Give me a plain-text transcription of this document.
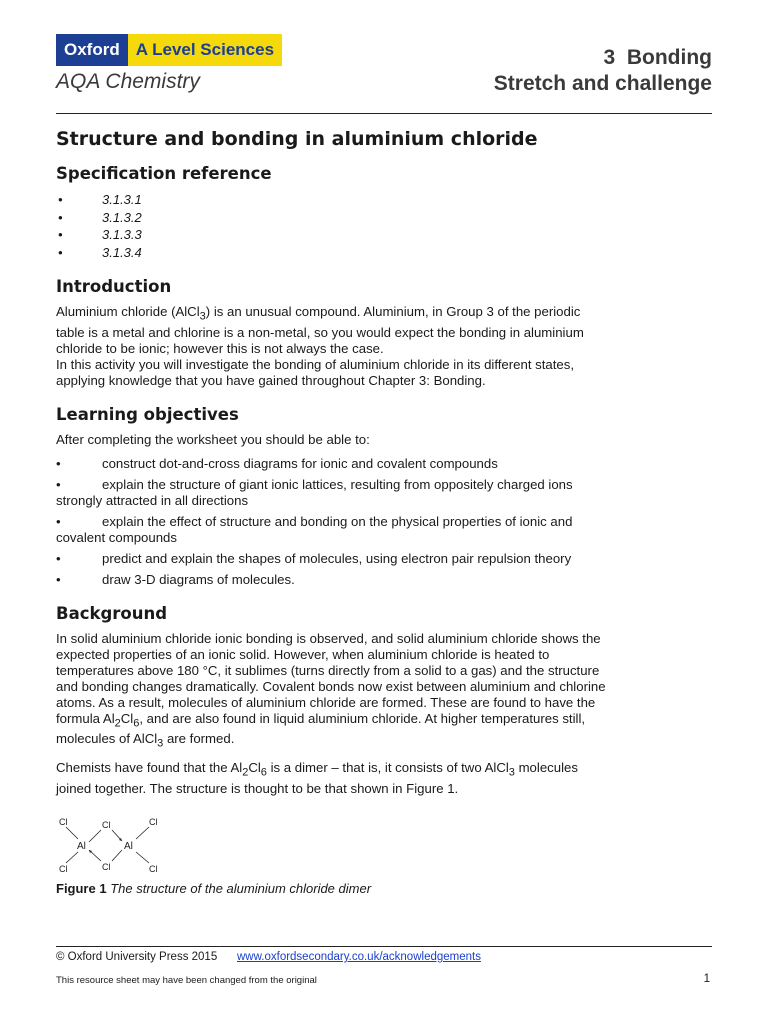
Oxford A Level Sciences
AQA Chemistry
3 Bonding
Stretch and challenge
Structure and bonding in aluminium chloride
Specification reference
• 3.1.3.1
• 3.1.3.2
• 3.1.3.3
• 3.1.3.4
Introduction

Aluminium chloride (AlCl$_3$) is an unusual compound. Aluminium, in Group 3 of the periodic table is a metal and chlorine is a non-metal, so you would expect the bonding in aluminium chloride to be ionic; however this is not always the case.
In this activity you will investigate the bonding of aluminium chloride in its different states, applying knowledge that you have gained throughout Chapter 3: Bonding.

Learning objectives

After completing the worksheet you should be able to:

•	construct dot-and-cross diagrams for ionic and covalent compounds
•	explain the structure of giant ionic lattices, resulting from oppositely charged ions strongly attracted in all directions
•	explain the effect of structure and bonding on the physical properties of ionic and covalent compounds
•	predict and explain the shapes of molecules, using electron pair repulsion theory
•	draw 3-D diagrams of molecules.
Background

In solid aluminium chloride ionic bonding is observed, and solid aluminium chloride shows the expected properties of an ionic solid. However, when aluminium chloride is heated to temperatures above 180 °C, it sublimes (turns directly from a solid to a gas) and the structure and bonding changes dramatically. Covalent bonds now exist between aluminium and chlorine atoms. As a result, molecules of aluminium chloride are formed. These are found to have the formula $Al_2Cl_6$, and are also found in liquid aluminium chloride. At higher temperatures still, molecules of AlCl$_3$ are formed.

Chemists have found that the $Al_2Cl_6$ is a dimer – that is, it consists of two AlCl$_3$ molecules joined together. The structure is thought to be that shown in Figure 1.

Cl
Cl
Cl
Cl
Cl
Cl
Al	Al
Figure 1 The structure of the aluminium chloride dimer
© Oxford University Press 2015 www.oxfordsecondary.co.uk/acknowledgements
This resource sheet may have been changed from the original	1
